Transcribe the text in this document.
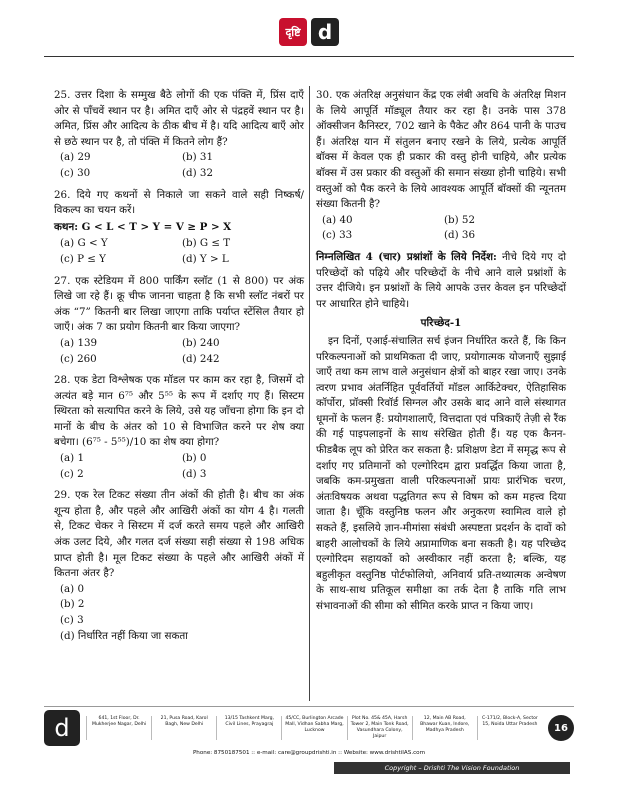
दृष्टि d
25. उत्तर दिशा के सम्मुख बैठे लोगों की एक पंक्ति में, प्रिंस दाएँ ओर से पाँचवें स्थान पर है। अमित दाएँ ओर से पंद्रहवें स्थान पर है। अमित, प्रिंस और आदित्य के ठीक बीच में है। यदि आदित्य बाएँ ओर से छठे स्थान पर है, तो पंक्ति में कितने लोग हैं?
(a) 29	(b) 31
(c) 30	(d) 32
26. दिये गए कथनों से निकाले जा सकने वाले सही निष्कर्ष/ विकल्प का चयन करें।
कथन: G < L < T > Y = V ≥ P > X
(a) G < Y	(b) G ≤ T
(c) P ≤ Y	(d) Y > L
27. एक स्टेडियम में 800 पार्किंग स्लॉट (1 से 800) पर अंक लिखे जा रहे हैं। क्रू चीफ जानना चाहता है कि सभी स्लॉट नंबरों पर अंक “7” कितनी बार लिखा जाएगा ताकि पर्याप्त स्टेंसिल तैयार हो जाएँ। अंक 7 का प्रयोग कितनी बार किया जाएगा?
(a) 139	(b) 240
(c) 260	(d) 242
28. एक डेटा विश्लेषक एक मॉडल पर काम कर रहा है, जिसमें दो अत्यंत बड़े मान 6⁷⁵ और 5⁵⁵ के रूप में दर्शाए गए हैं। सिस्टम स्थिरता को सत्यापित करने के लिये, उसे यह जाँचना होगा कि इन दो मानों के बीच के अंतर को 10 से विभाजित करने पर शेष क्या बचेगा। (6⁷⁵ - 5⁵⁵)/10 का शेष क्या होगा?
(a) 1	(b) 0
(c) 2	(d) 3
29. एक रेल टिकट संख्या तीन अंकों की होती है। बीच का अंक शून्य होता है, और पहले और आखिरी अंकों का योग 4 है। गलती से, टिकट चेकर ने सिस्टम में दर्ज करते समय पहले और आखिरी अंक उलट दिये, और गलत दर्ज संख्या सही संख्या से 198 अधिक प्राप्त होती है। मूल टिकट संख्या के पहले और आखिरी अंकों में कितना अंतर है?
(a) 0
(b) 2
(c) 3
(d) निर्धारित नहीं किया जा सकता
30. एक अंतरिक्ष अनुसंधान केंद्र एक लंबी अवधि के अंतरिक्ष मिशन के लिये आपूर्ति मॉड्यूल तैयार कर रहा है। उनके पास 378 ऑक्सीजन कैनिस्टर, 702 खाने के पैकेट और 864 पानी के पाउच हैं। अंतरिक्ष यान में संतुलन बनाए रखने के लिये, प्रत्येक आपूर्ति बॉक्स में केवल एक ही प्रकार की वस्तु होनी चाहिये, और प्रत्येक बॉक्स में उस प्रकार की वस्तुओं की समान संख्या होनी चाहिये। सभी वस्तुओं को पैक करने के लिये आवश्यक आपूर्ति बॉक्सों की न्यूनतम संख्या कितनी है?
(a) 40	(b) 52
(c) 33	(d) 36
निम्नलिखित 4 (चार) प्रश्नांशों के लिये निर्देश: नीचे दिये गए दो परिच्छेदों को पढ़िये और परिच्छेदों के नीचे आने वाले प्रश्नांशों के उत्तर दीजिये। इन प्रश्नांशों के लिये आपके उत्तर केवल इन परिच्छेदों पर आधारित होने चाहिये।
परिच्छेद-1
इन दिनों, एआई-संचालित सर्च इंजन निर्धारित करते हैं, कि किन परिकल्पनाओं को प्राथमिकता दी जाए, प्रयोगात्मक योजनाएँ सुझाई जाएँ तथा कम लाभ वाले अनुसंधान क्षेत्रों को बाहर रखा जाए। उनके त्वरण प्रभाव अंतर्निहित पूर्ववर्तियों मॉडल आर्किटेक्चर, ऐतिहासिक कॉर्पोरा, प्रॉक्सी रिवॉर्ड सिग्नल और उसके बाद आने वाले संस्थागत धूमनों के फलन हैं: प्रयोगशालाएँ, वित्तदाता एवं पत्रिकाएँ तेज़ी से रैंक की गई पाइपलाइनों के साथ संरेखित होती हैं। यह एक कैनन-फीडबैक लूप को प्रेरित कर सकता है: प्रशिक्षण डेटा में समृद्ध रूप से दर्शाए गए प्रतिमानों को एल्गोरिदम द्वारा प्रवर्द्धित किया जाता है, जबकि कम-प्रमुखता वाली परिकल्पनाओं प्रायः प्रारंभिक चरण, अंतःविषयक अथवा पद्धतिगत रूप से विषम को कम महत्त्व दिया जाता है। चूँकि वस्तुनिष्ठ फलन और अनुकरण स्वामित्व वाले हो सकते हैं, इसलिये ज्ञान-मीमांसा संबंधी अस्पष्टता प्रदर्शन के दावों को बाहरी आलोचकों के लिये अप्रामाणिक बना सकती है। यह परिच्छेद एल्गोरिदम सहायकों को अस्वीकार नहीं करता है; बल्कि, यह बहुलीकृत वस्तुनिष्ठ पोर्टफोलियो, अनिवार्य प्रति-तथ्यात्मक अन्वेषण के साथ-साथ प्रतिकूल समीक्षा का तर्क देता है ताकि गति लाभ संभावनाओं की सीमा को सीमित करके प्राप्त न किया जाए।
d	641, 1st Floor, Dr. Mukherjee Nagar, Delhi
21, Pusa Road, Karol Bagh, New Delhi
13/15 Tashkent Marg, Civil Lines, Prayagraj
45/CC, Burlington Arcade Mall, Vidhan Sabha Marg, Lucknow
Plot No. 45& 45A, Harsh Tower 2, Main Tonk Road, Vasundhara Colony, Jaipur
12, Main AB Road, Bhawar Kuan, Indore, Madhya Pradesh
C-171/2, Block-A, Sector 15, Noida Uttar Pradesh	16
Phone: 8750187501 :: e-mail: care@groupdrishti.in :: Website: www.drishtiIAS.com
Copyright – Drishti The Vision Foundation
